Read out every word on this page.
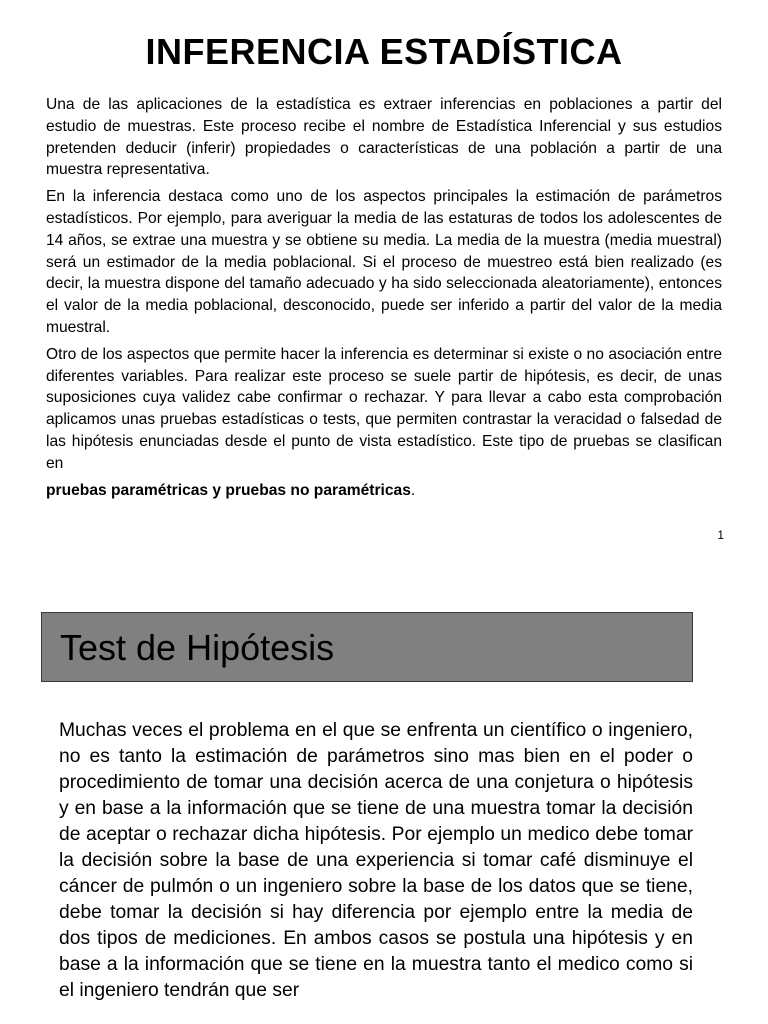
INFERENCIA ESTADÍSTICA

Una de las aplicaciones de la estadística es extraer inferencias en poblaciones a partir del estudio de muestras. Este proceso recibe el nombre de Estadística Inferencial y sus estudios pretenden deducir (inferir) propiedades o características de una población a partir de una muestra representativa.

En la inferencia destaca como uno de los aspectos principales la estimación de parámetros estadísticos. Por ejemplo, para averiguar la media de las estaturas de todos los adolescentes de 14 años, se extrae una muestra y se obtiene su media. La media de la muestra (media muestral) será un estimador de la media poblacional. Si el proceso de muestreo está bien realizado (es decir, la muestra dispone del tamaño adecuado y ha sido seleccionada aleatoriamente), entonces el valor de la media poblacional, desconocido, puede ser inferido a partir del valor de la media muestral.

Otro de los aspectos que permite hacer la inferencia es determinar si existe o no asociación entre diferentes variables. Para realizar este proceso se suele partir de hipótesis, es decir, de unas suposiciones cuya validez cabe confirmar o rechazar. Y para llevar a cabo esta comprobación aplicamos unas pruebas estadísticas o tests, que permiten contrastar la veracidad o falsedad de las hipótesis enunciadas desde el punto de vista estadístico. Este tipo de pruebas se clasifican en

pruebas paramétricas y pruebas no paramétricas.

1
Test de Hipótesis

Muchas veces el problema en el que se enfrenta un científico o ingeniero, no es tanto la estimación de parámetros sino mas bien en el poder o procedimiento de tomar una decisión acerca de una conjetura o hipótesis y en base a la información que se tiene de una muestra tomar la decisión de aceptar o rechazar dicha hipótesis. Por ejemplo un medico debe tomar la decisión sobre la base de una experiencia si tomar café disminuye el cáncer de pulmón o un ingeniero sobre la base de los datos que se tiene, debe tomar la decisión si hay diferencia por ejemplo entre la media de dos tipos de mediciones. En ambos casos se postula una hipótesis y en base a la información que se tiene en la muestra tanto el medico como si el ingeniero tendrán que ser
